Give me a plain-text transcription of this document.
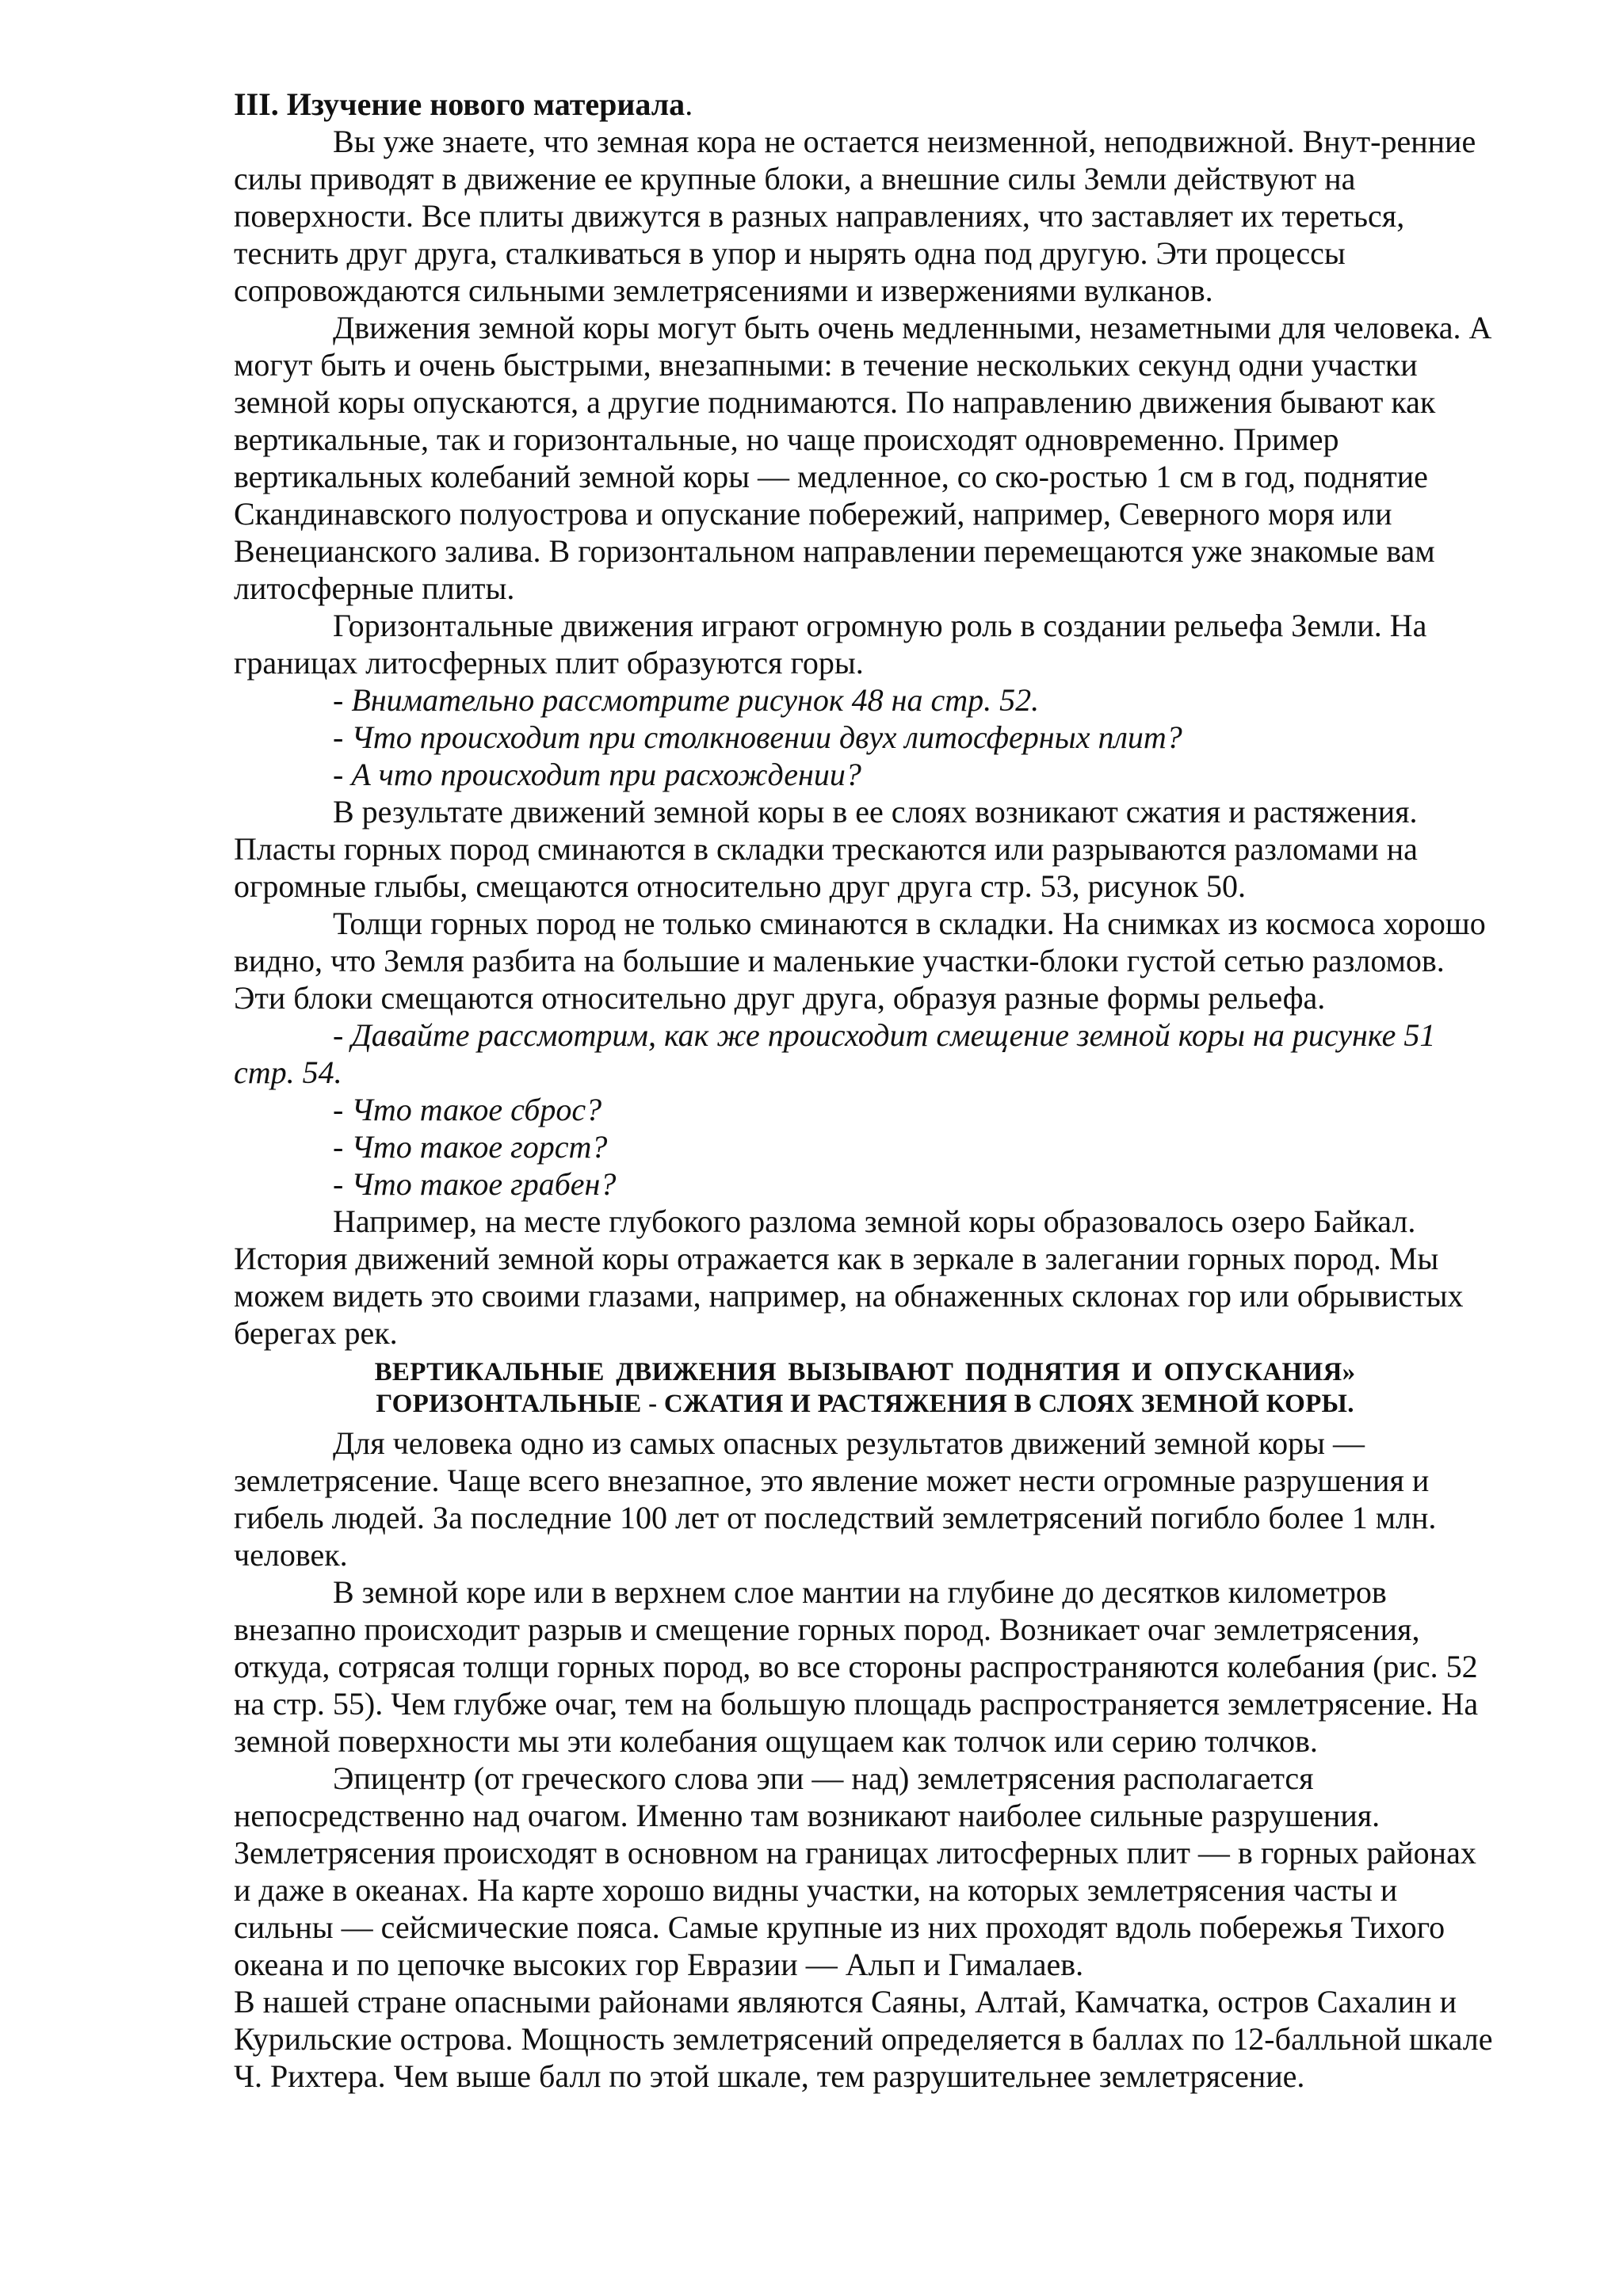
III. Изучение нового материала.

Вы уже знаете, что земная кора не остается неизменной, неподвижной. Внут-ренние силы приводят в движение ее крупные блоки, а внешние силы Земли действуют на поверхности. Все плиты движутся в разных направлениях, что заставляет их тереться, теснить друг друга, сталкиваться в упор и нырять одна под другую. Эти процессы сопровождаются сильными землетрясениями и извержениями вулканов.

Движения земной коры могут быть очень медленными, незаметными для человека. А могут быть и очень быстрыми, внезапными: в течение нескольких секунд одни участки земной коры опускаются, а другие поднимаются. По направлению движения бывают как вертикальные, так и горизонтальные, но чаще происходят одновременно. Пример вертикальных колебаний земной коры — медленное, со ско-ростью 1 см в год, поднятие Скандинавского полуострова и опускание побережий, например, Северного моря или Венецианского залива. В горизонтальном направлении перемещаются уже знакомые вам литосферные плиты.

Горизонтальные движения играют огромную роль в создании рельефа Земли. На границах литосферных плит образуются горы.

- Внимательно рассмотрите рисунок 48 на стр. 52.

- Что происходит при столкновении двух литосферных плит?

- А что происходит при расхождении?

В результате движений земной коры в ее слоях возникают сжатия и растяжения. Пласты горных пород сминаются в складки трескаются или разрываются разломами на огромные глыбы, смещаются относительно друг друга стр. 53, рисунок 50.

Толщи горных пород не только сминаются в складки. На снимках из космоса хорошо видно, что Земля разбита на большие и маленькие участки-блоки густой сетью разломов. Эти блоки смещаются относительно друг друга, образуя разные формы рельефа.

- Давайте рассмотрим, как же происходит смещение земной коры на рисунке 51 стр. 54.

- Что такое сброс?

- Что такое горст?

- Что такое грабен?

Например, на месте глубокого разлома земной коры образовалось озеро Байкал. История движений земной коры отражается как в зеркале в залегании горных пород. Мы можем видеть это своими глазами, например, на обнаженных склонах гор или обрывистых берегах рек.

ВЕРТИКАЛЬНЫЕ ДВИЖЕНИЯ ВЫЗЫВАЮТ ПОДНЯТИЯ И ОПУСКАНИЯ»

ГОРИЗОНТАЛЬНЫЕ - СЖАТИЯ И РАСТЯЖЕНИЯ В СЛОЯХ ЗЕМНОЙ КОРЫ.

Для человека одно из самых опасных результатов движений земной коры — землетрясение. Чаще всего внезапное, это явление может нести огромные разрушения и гибель людей. За последние 100 лет от последствий землетрясений погибло более 1 млн. человек.

В земной коре или в верхнем слое мантии на глубине до десятков километров внезапно происходит разрыв и смещение горных пород. Возникает очаг землетрясения, откуда, сотрясая толщи горных пород, во все стороны распространяются колебания (рис. 52 на стр. 55). Чем глубже очаг, тем на большую площадь распространяется землетрясение. На земной поверхности мы эти колебания ощущаем как толчок или серию толчков.

Эпицентр (от греческого слова эпи — над) землетрясения располагается непосредственно над очагом. Именно там возникают наиболее сильные разрушения. Землетрясения происходят в основном на границах литосферных плит — в горных районах и даже в океанах. На карте хорошо видны участки, на которых землетрясения часты и сильны — сейсмические пояса. Самые крупные из них проходят вдоль побережья Тихого океана и по цепочке высоких гор Евразии — Альп и Гималаев.

В нашей стране опасными районами являются Саяны, Алтай, Камчатка, остров Сахалин и Курильские острова. Мощность землетрясений определяется в баллах по 12-балльной шкале Ч. Рихтера. Чем выше балл по этой шкале, тем разрушительнее землетрясение.
